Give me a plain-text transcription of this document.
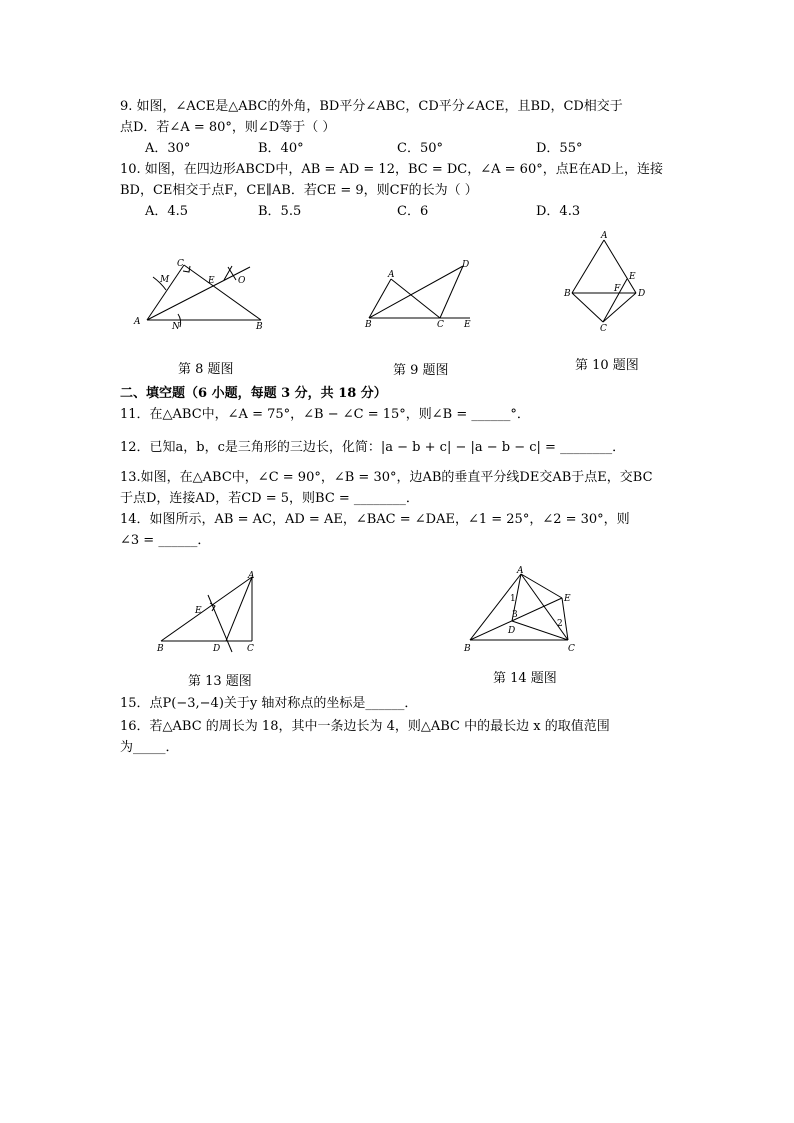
9. 如图，∠ACE是△ABC的外角，BD平分∠ABC，CD平分∠ACE，且BD，CD相交于
点D．若∠A = 80°，则∠D等于（ ）
A．30°	B．40°	C．50°	D．55°
10. 如图，在四边形ABCD中，AB = AD = 12，BC = DC，∠A = 60°，点E在AD上，连接
BD，CE相交于点F，CE∥AB．若CE = 9，则CF的长为（ ）
A．4.5	B．5.5	C．6	D．4.3
C
M	E	O
A	N	B
第 8 题图
A
D
B	C E
第 9 题图
A
E
B	F D
C
第 10 题图
二、填空题（6 小题，每题 3 分，共 18 分）
11．在△ABC中，∠A = 75°，∠B − ∠C = 15°，则∠B = ______°．
12．已知a，b，c是三角形的三边长，化简：|a − b + c| − |a − b − c| = ________．
13.如图，在△ABC中，∠C = 90°，∠B = 30°，边AB的垂直平分线DE交AB于点E，交BC
于点D，连接AD，若CD = 5，则BC = ________．
14．如图所示，AB = AC，AD = AE，∠BAC = ∠DAE，∠1 = 25°，∠2 = 30°，则
∠3 = ______．
A
E
B	D	C
第 13 题图
A
E
1
3
D
2
B	C
第 14 题图
15．点P(−3,−4)关于y 轴对称点的坐标是______．
16．若△ABC 的周长为 18，其中一条边长为 4，则△ABC 中的最长边 x 的取值范围
为_____．
